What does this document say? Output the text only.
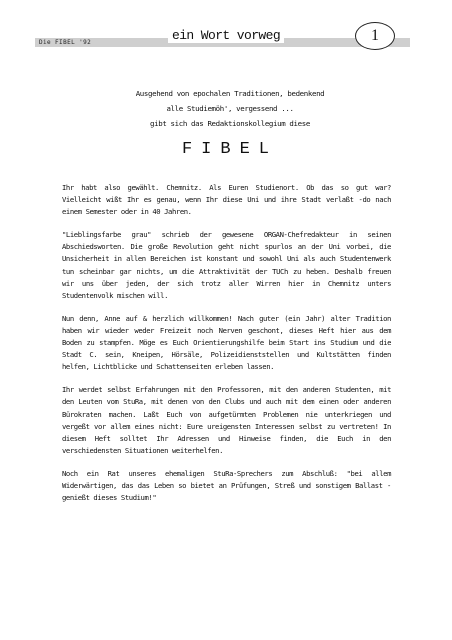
Die FIBEL '92	ein Wort vorweg	1
Ausgehend von epochalen Traditionen, bedenkend
alle Studiemöh', vergessend ...
gibt sich das Redaktionskollegium diese
FIBEL

Ihr habt also gewählt. Chemnitz. Als Euren Studienort. Ob das so gut war? Vielleicht wißt Ihr es genau, wenn Ihr diese Uni und ihre Stadt verlaßt -do nach einem Semester oder in 40 Jahren.

"Lieblingsfarbe grau" schrieb der gewesene ORGAN-Chefredakteur in seinen Abschiedsworten. Die große Revolution geht nicht spurlos an der Uni vorbei, die Unsicherheit in allen Bereichen ist konstant und sowohl Uni als auch Studentenwerk tun scheinbar gar nichts, um die Attraktivität der TUCh zu heben. Deshalb freuen wir uns über jeden, der sich trotz aller Wirren hier in Chemnitz unters Studentenvolk mischen will.

Nun denn, Anne auf & herzlich willkommen! Nach guter (ein Jahr) alter Tradition haben wir wieder weder Freizeit noch Nerven geschont, dieses Heft hier aus dem Boden zu stampfen. Möge es Euch Orientierungshilfe beim Start ins Studium und die Stadt C. sein, Kneipen, Hörsäle, Polizeidienststellen und Kultstätten finden helfen, Lichtblicke und Schattenseiten erleben lassen.

Ihr werdet selbst Erfahrungen mit den Professoren, mit den anderen Studenten, mit den Leuten vom StuRa, mit denen von den Clubs und auch mit dem einen oder anderen Bürokraten machen. Laßt Euch von aufgetürmten Problemen nie unterkriegen und vergeßt vor allem eines nicht: Eure ureigensten Interessen selbst zu vertreten! In diesem Heft solltet Ihr Adressen und Hinweise finden, die Euch in den verschiedensten Situationen weiterhelfen.

Noch ein Rat unseres ehemaligen StuRa-Sprechers zum Abschluß: "bei allem Widerwärtigen, das das Leben so bietet an Prüfungen, Streß und sonstigem Ballast - genießt dieses Studium!"
